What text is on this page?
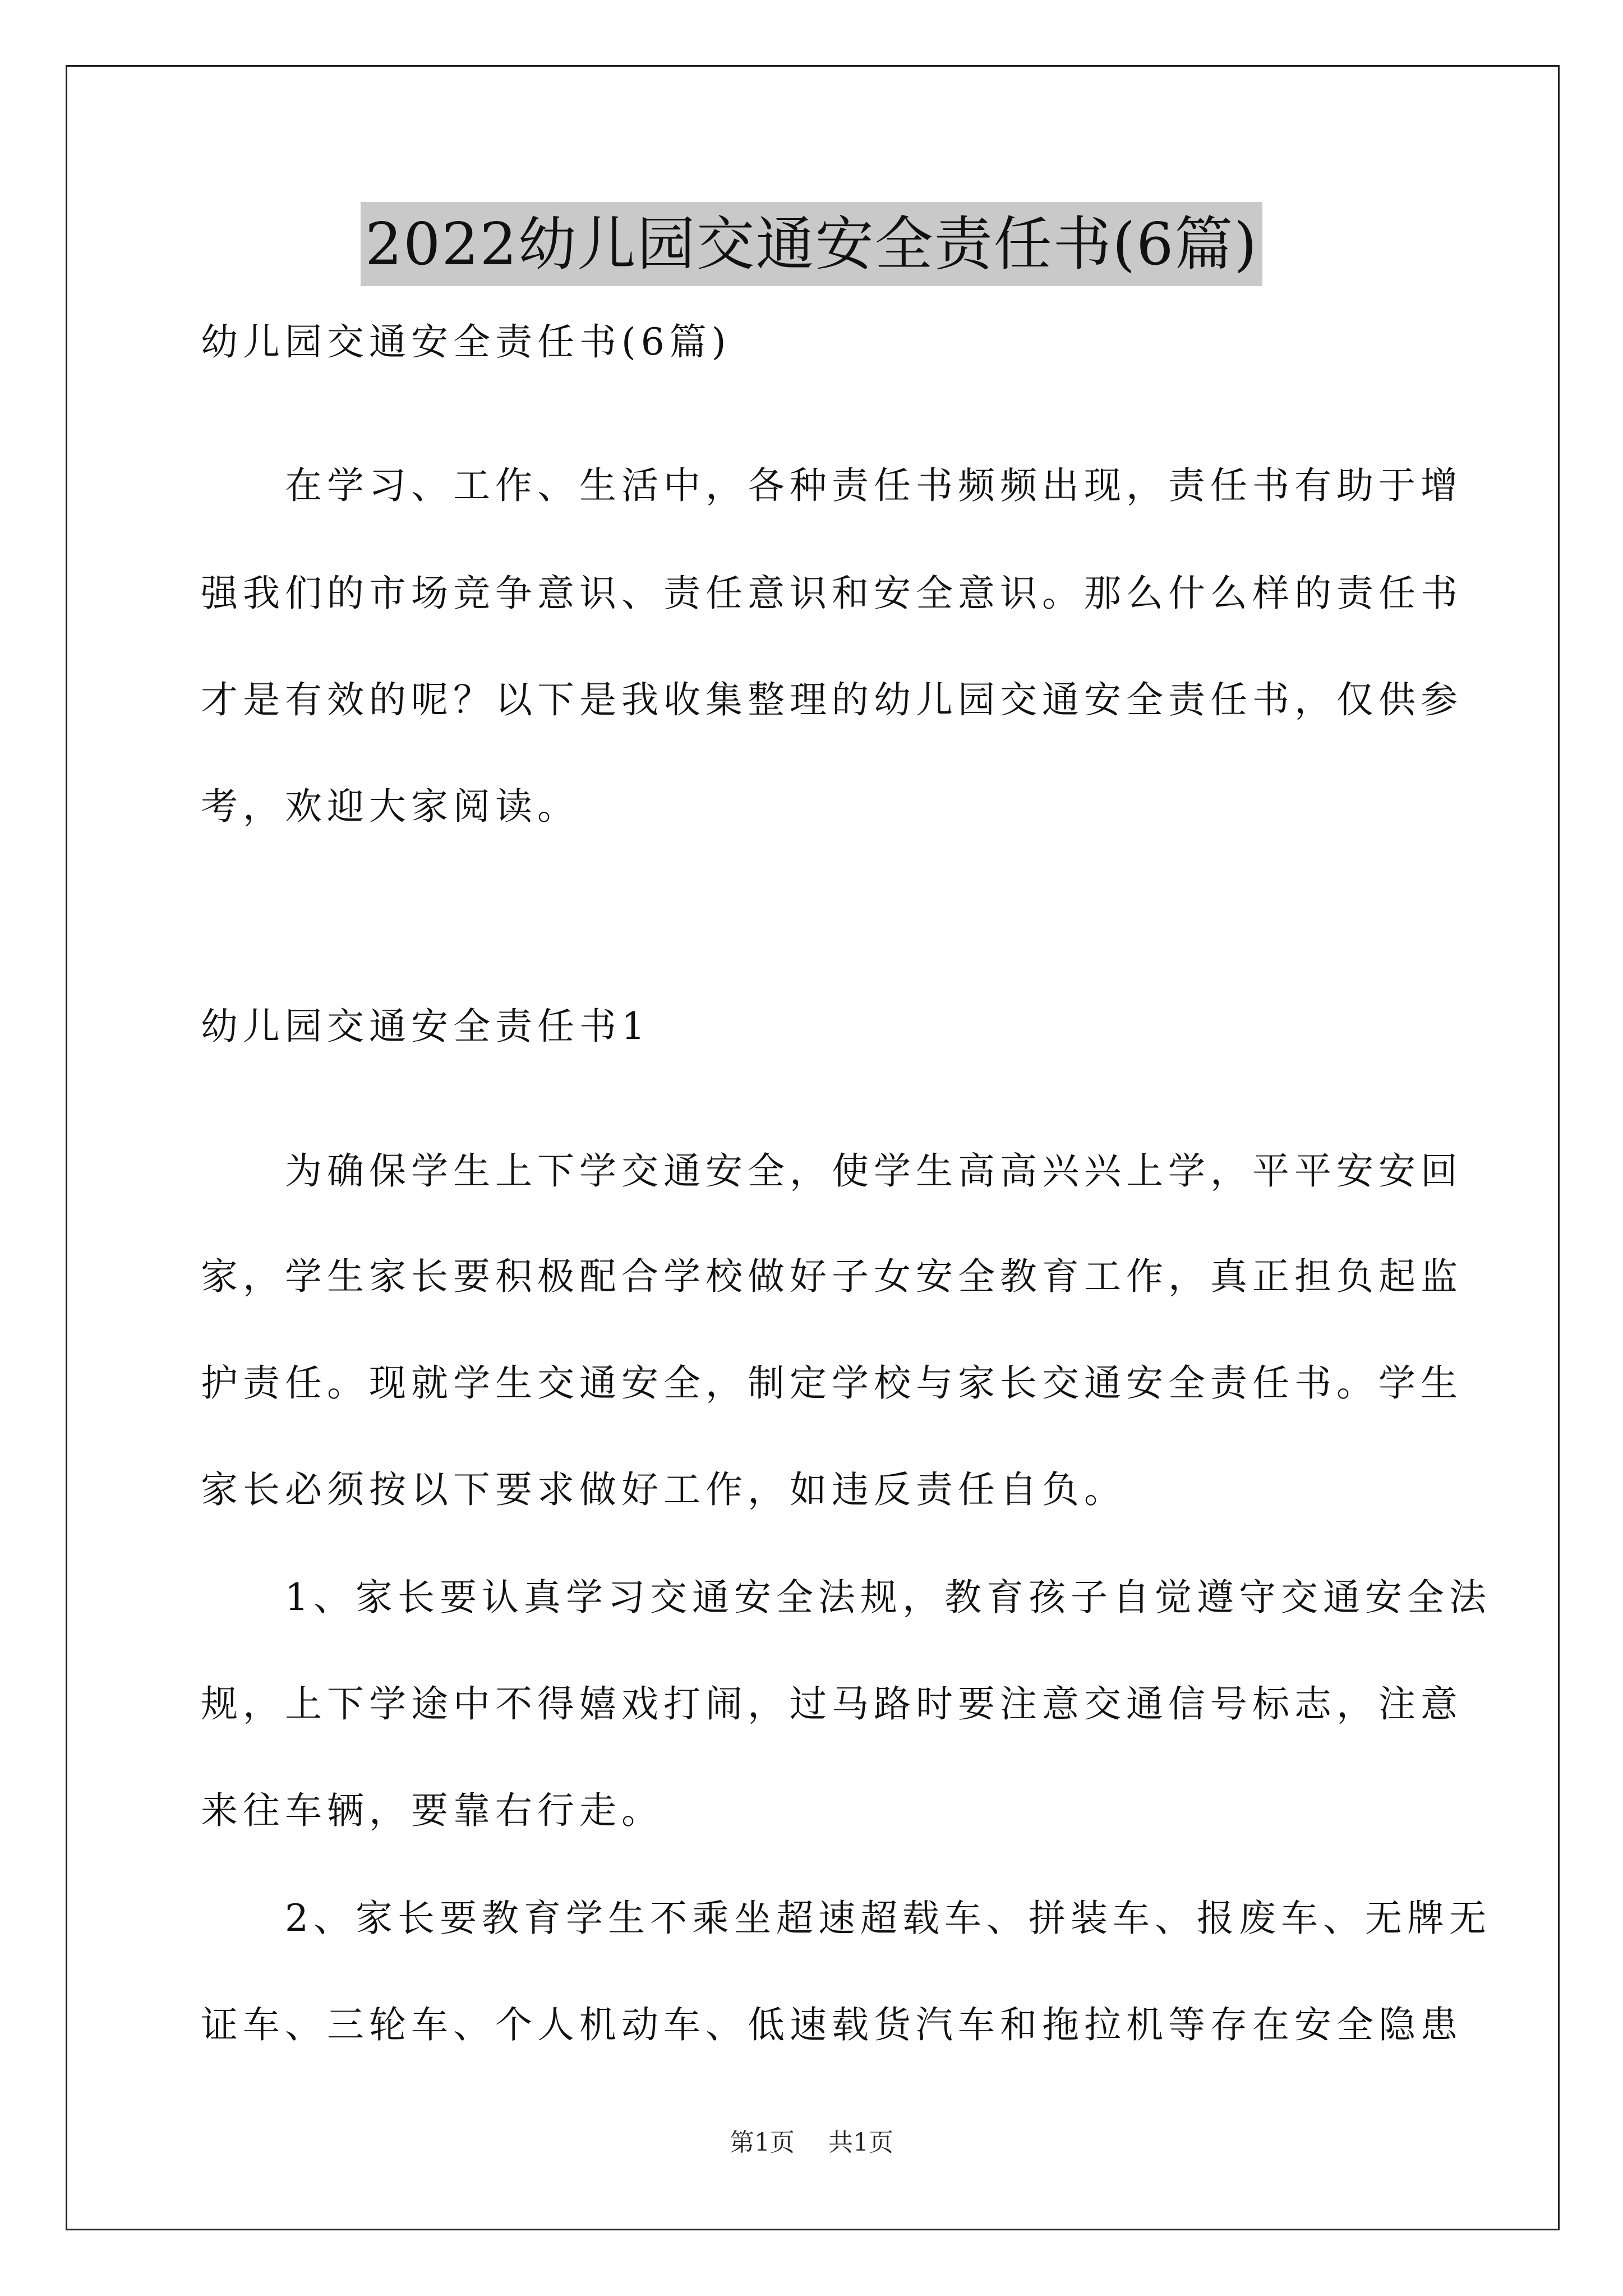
2022幼儿园交通安全责任书(6篇)
幼儿园交通安全责任书(6篇)
　　在学习、工作、生活中，各种责任书频频出现，责任书有助于增
强我们的市场竞争意识、责任意识和安全意识。那么什么样的责任书
才是有效的呢？以下是我收集整理的幼儿园交通安全责任书，仅供参
考，欢迎大家阅读。
幼儿园交通安全责任书1
　　为确保学生上下学交通安全，使学生高高兴兴上学，平平安安回
家，学生家长要积极配合学校做好子女安全教育工作，真正担负起监
护责任。现就学生交通安全，制定学校与家长交通安全责任书。学生
家长必须按以下要求做好工作，如违反责任自负。
　　1、家长要认真学习交通安全法规，教育孩子自觉遵守交通安全法
规，上下学途中不得嬉戏打闹，过马路时要注意交通信号标志，注意
来往车辆，要靠右行走。
　　2、家长要教育学生不乘坐超速超载车、拼装车、报废车、无牌无
证车、三轮车、个人机动车、低速载货汽车和拖拉机等存在安全隐患
第1页 共1页
